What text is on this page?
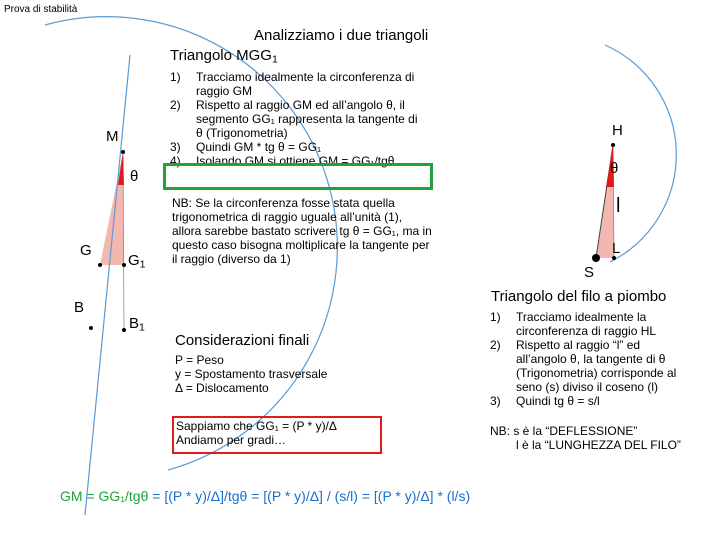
Prova di stabilità
M
θ
G
$G_1$
B
$B_1$
Analizziamo i due triangoli
Triangolo $MGG_1$
1) Tracciamo idealmente la circonferenza di raggio GM
2) Rispetto al raggio GM ed all’angolo θ, il segmento GG₁ rappresenta la tangente di θ (Trigonometria)
3) Quindi GM * tg θ = GG₁
4) Isolando GM si ottiene GM = GG₁/tgθ
NB: Se la circonferenza fosse stata quella trigonometrica di raggio uguale all’unità (1), allora sarebbe bastato scrivere tg θ = GG₁, ma in questo caso bisogna moltiplicare la tangente per il raggio (diverso da 1)
Considerazioni finali
P = Peso
y = Spostamento trasversale
Δ = Dislocamento
Sappiamo che GG₁ = (P * y)/Δ Andiamo per gradi…
H
θ
l
L
S
Triangolo del filo a piombo
1) Tracciamo idealmente la circonferenza di raggio HL
2) Rispetto al raggio “l” ed all’angolo θ, la tangente di θ (Trigonometria) corrisponde al seno (s) diviso il coseno (l)
3) Quindi tg θ = s/l
NB: s è la “DEFLESSIONE”
l è la “LUNGHEZZA DEL FILO”
GM = GG₁/tgθ = [(P * y)/Δ]/tgθ = [(P * y)/Δ] / (s/l) = [(P * y)/Δ] * (l/s)
